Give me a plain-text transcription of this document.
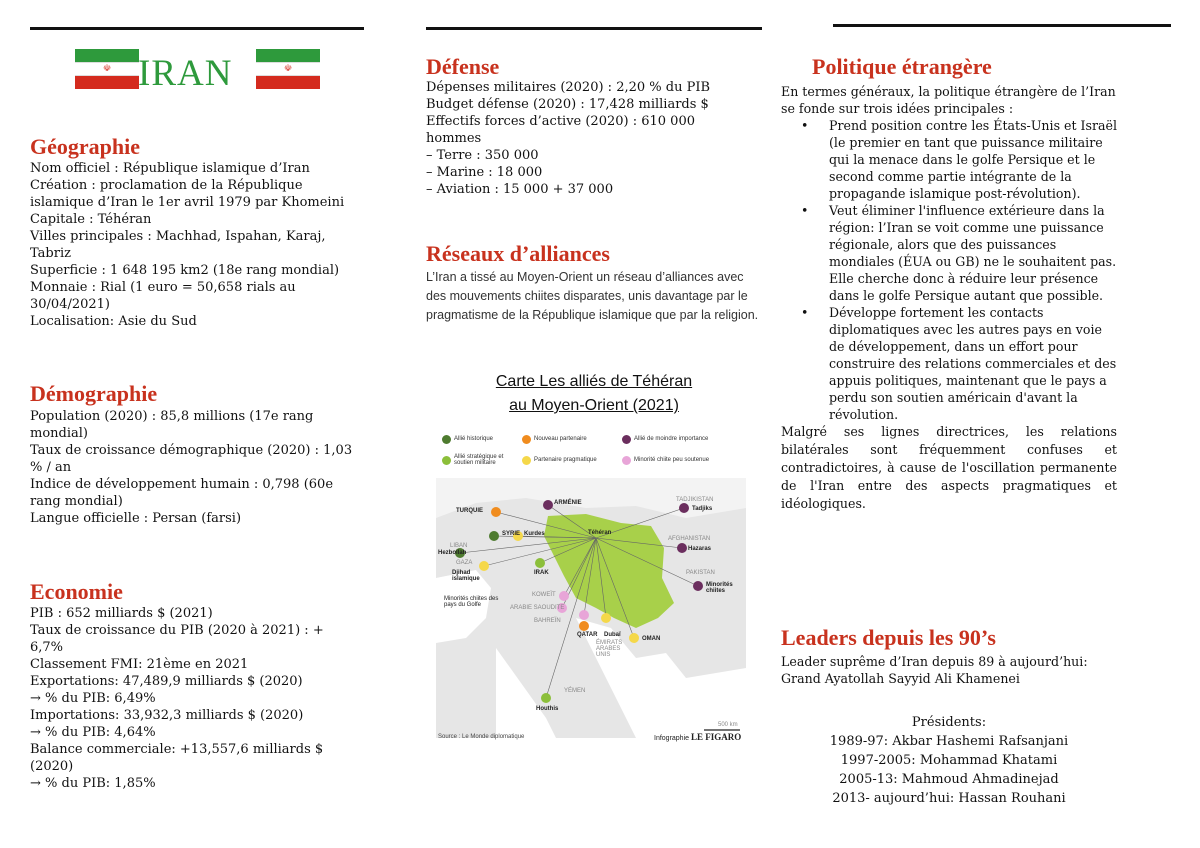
☫ IRAN	☫
Géographie

Nom officiel : République islamique d’Iran

Création : proclamation de la République islamique d’Iran le 1er avril 1979 par Khomeini

Capitale : Téhéran

Villes principales : Machhad, Ispahan, Karaj, Tabriz

Superficie : 1 648 195 km2 (18e rang mondial)

Monnaie : Rial (1 euro = 50,658 rials au 30/04/2021)

Localisation: Asie du Sud

Démographie

Population (2020) : 85,8 millions (17e rang mondial)

Taux de croissance démographique (2020) : 1,03 % / an

Indice de développement humain : 0,798 (60e rang mondial)

Langue officielle : Persan (farsi)

Economie

PIB : 652 milliards $ (2021)

Taux de croissance du PIB (2020 à 2021) : + 6,7%

Classement FMI: 21ème en 2021

Exportations: 47,489,9 milliards $ (2020)

→ % du PIB: 6,49%

Importations: 33,932,3 milliards $ (2020)

→ % du PIB: 4,64%

Balance commerciale: +13,557,6 milliards $ (2020)

→ % du PIB: 1,85%

Défense

Dépenses militaires (2020) : 2,20 % du PIB

Budget défense (2020) : 17,428 milliards $

Effectifs forces d’active (2020) : 610 000 hommes

– Terre : 350 000

– Marine : 18 000

– Aviation : 15 000 + 37 000

Réseaux d’alliances
L’Iran a tissé au Moyen-Orient un réseau d’alliances avec des mouvements chiites disparates, unis davantage par le pragmatisme de la République islamique que par la religion.
Carte Les alliés de Téhéran
au Moyen-Orient (2021)
Allié historique	Nouveau partenaire	Allié de moindre importance
Allié stratégique et soutien militaire	Partenaire pragmatique	Minorité chiite peu soutenue
Téhéran
TURQUIE
ARMÉNIE
SYRIE Kurdes
LIBAN
Hezbollah
GAZA
Djihad islamique
IRAK
KOWEÏT
Minorités chiites des pays du Golfe	ARABIE SAOUDITE
BAHREÏN
QATAR Dubaï
ÉMIRATS ARABES UNIS
OMAN
YÉMEN
Houthis
TADJIKISTAN
Tadjiks
AFGHANISTAN
Hazaras
PAKISTAN
Minorités chiites
500 km
Source : Le Monde diplomatique	Infographie LE FIGARO
Politique étrangère

En termes généraux, la politique étrangère de l’Iran se fonde sur trois idées principales :

• Prend position contre les États-Unis et Israël (le premier en tant que puissance militaire qui la menace dans le golfe Persique et le second comme partie intégrante de la propagande islamique post-révolution).
• Veut éliminer l'influence extérieure dans la région: l’Iran se voit comme une puissance régionale, alors que des puissances mondiales (ÉUA ou GB) ne le souhaitent pas. Elle cherche donc à réduire leur présence dans le golfe Persique autant que possible.
• Développe fortement les contacts diplomatiques avec les autres pays en voie de développement, dans un effort pour construire des relations commerciales et des appuis politiques, maintenant que le pays a perdu son soutien américain d'avant la révolution.

Malgré ses lignes directrices, les relations bilatérales sont fréquemment confuses et contradictoires, à cause de l'oscillation permanente de l'Iran entre des aspects pragmatiques et idéologiques.

Leaders depuis les 90’s

Leader suprême d’Iran depuis 89 à aujourd’hui: Grand Ayatollah Sayyid Ali Khamenei

Présidents:

1989-97: Akbar Hashemi Rafsanjani

1997-2005: Mohammad Khatami

2005-13: Mahmoud Ahmadinejad

2013- aujourd’hui: Hassan Rouhani
